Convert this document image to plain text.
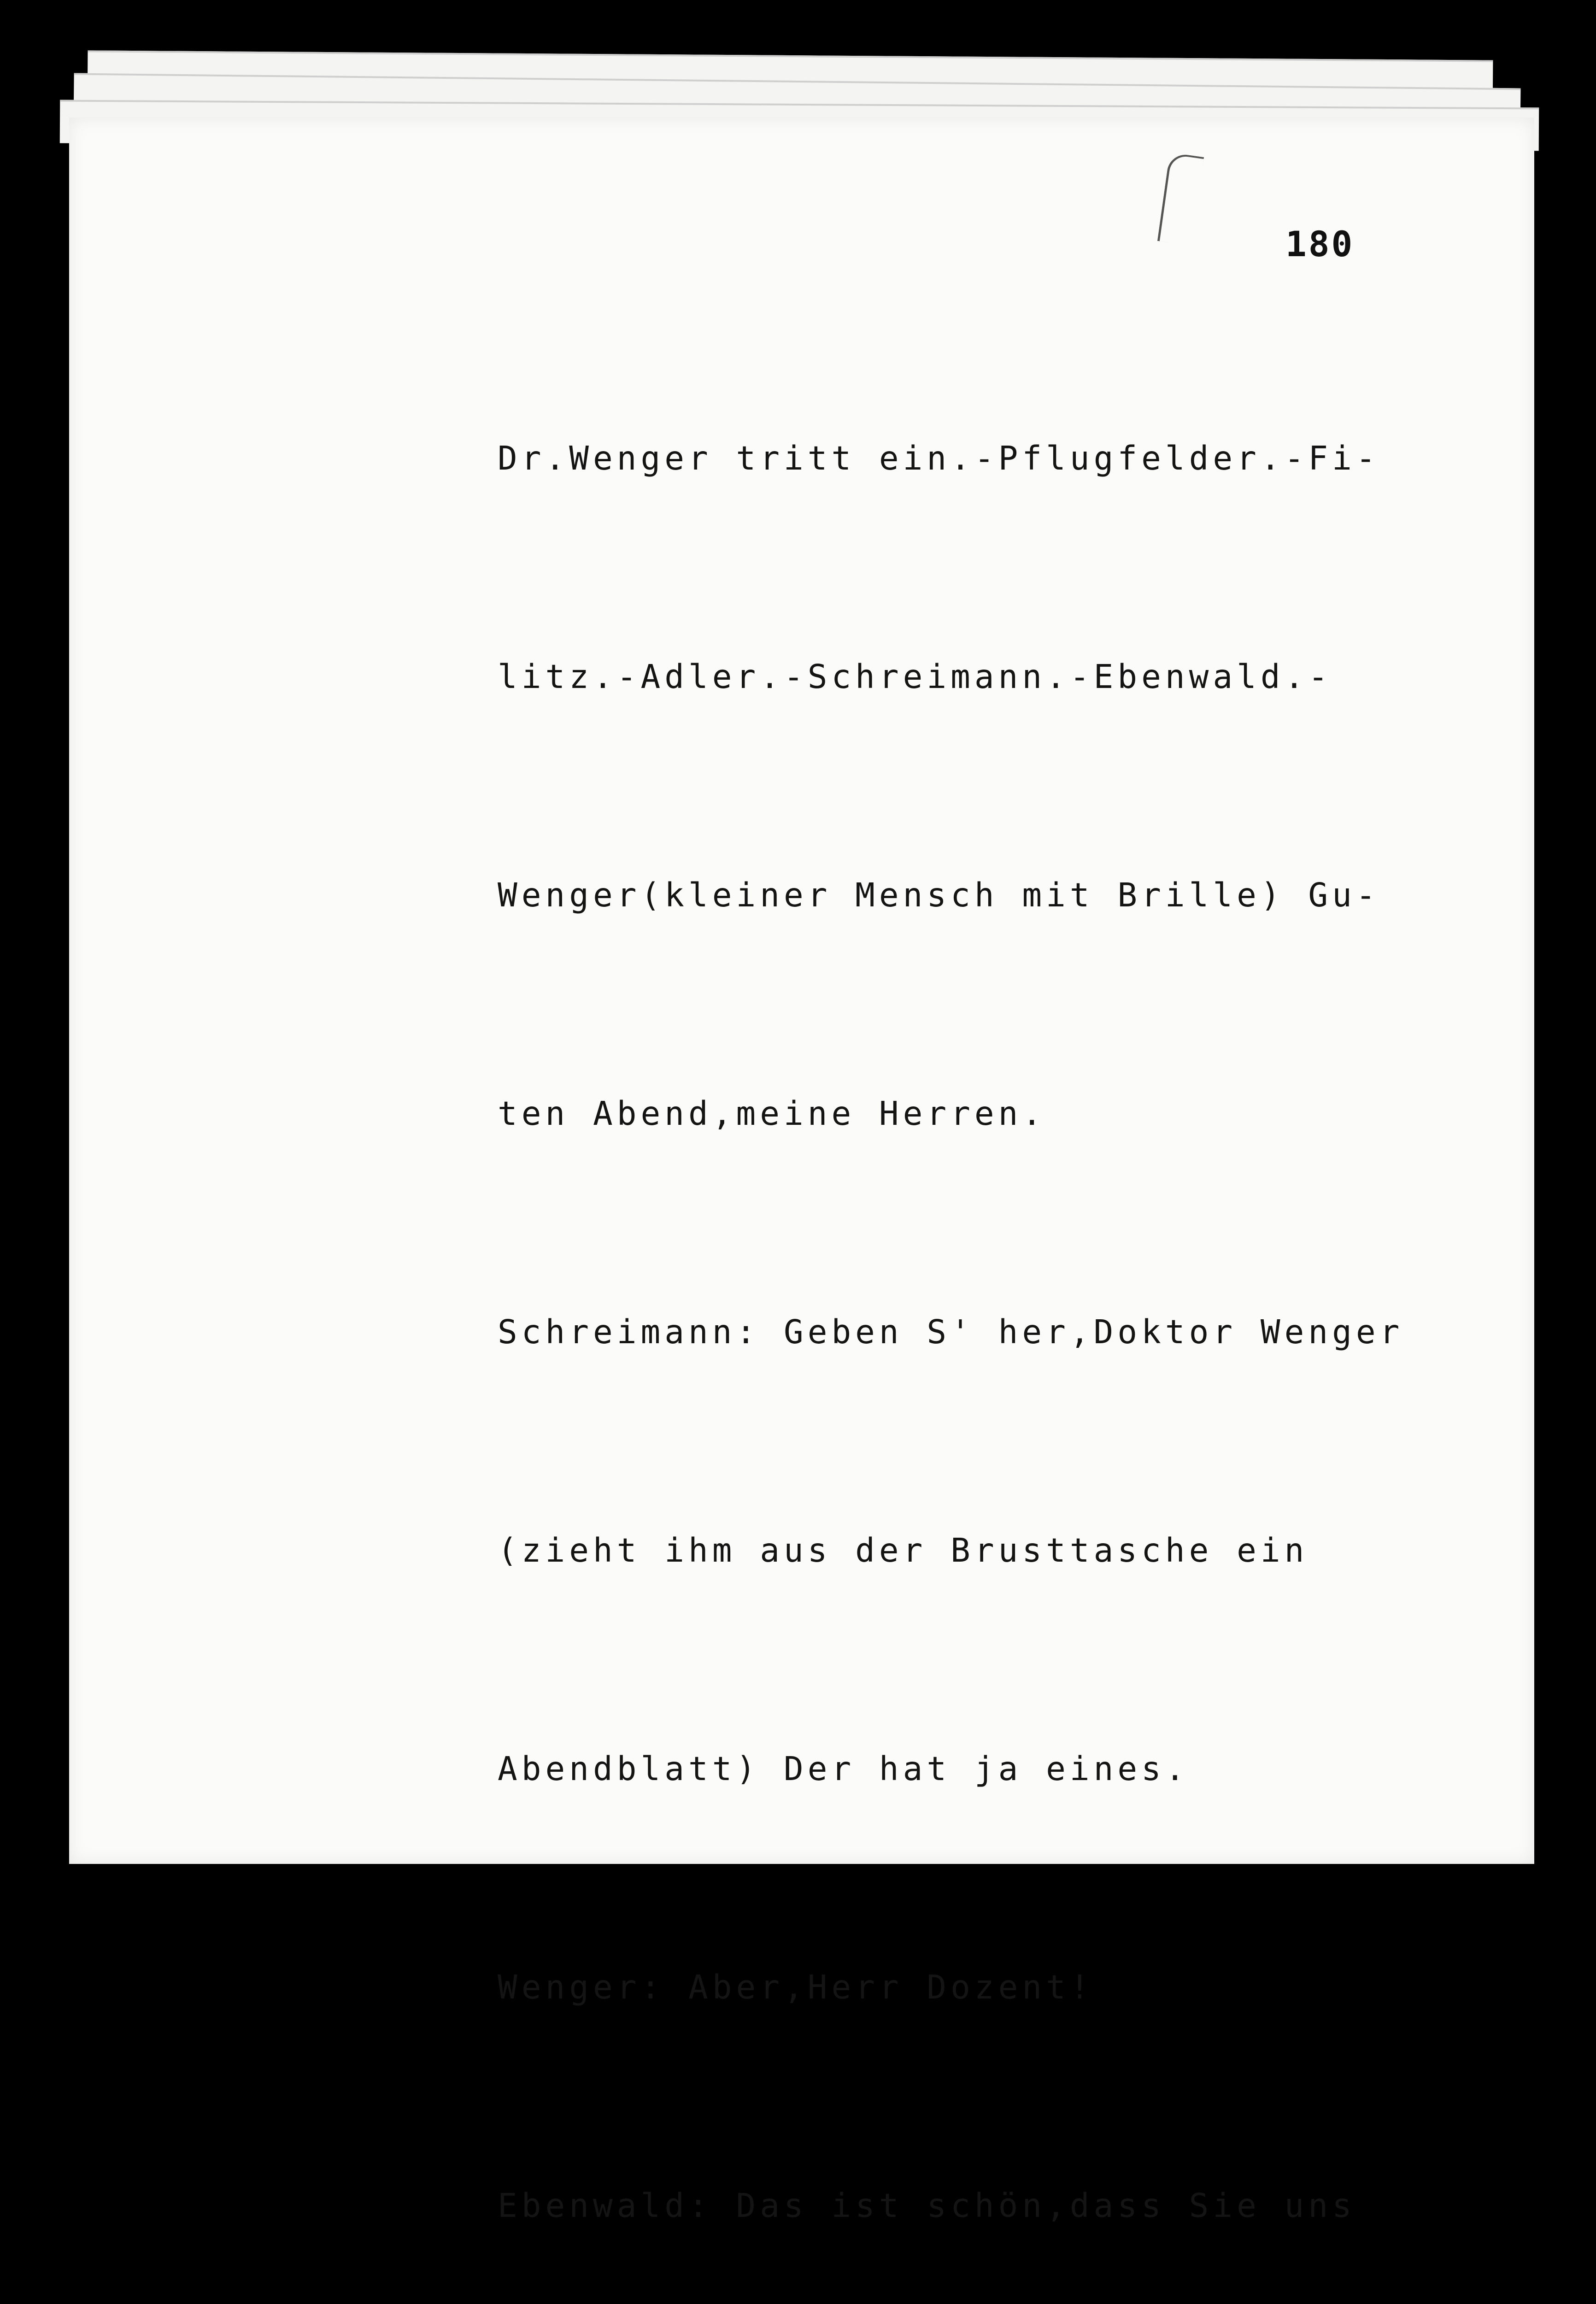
180

Dr.Wenger tritt ein.-Pflugfelder.-Fi-

litz.-Adler.-Schreimann.-Ebenwald.-

Wenger(kleiner Mensch mit Brille) Gu-

ten Abend,meine Herren.

Schreimann: Geben S' her,Doktor Wenger

(zieht ihm aus der Brusttasche ein

Abendblatt) Der hat ja eines.

Wenger: Aber,Herr Dozent!

Ebenwald: Das ist schön,dass Sie uns
